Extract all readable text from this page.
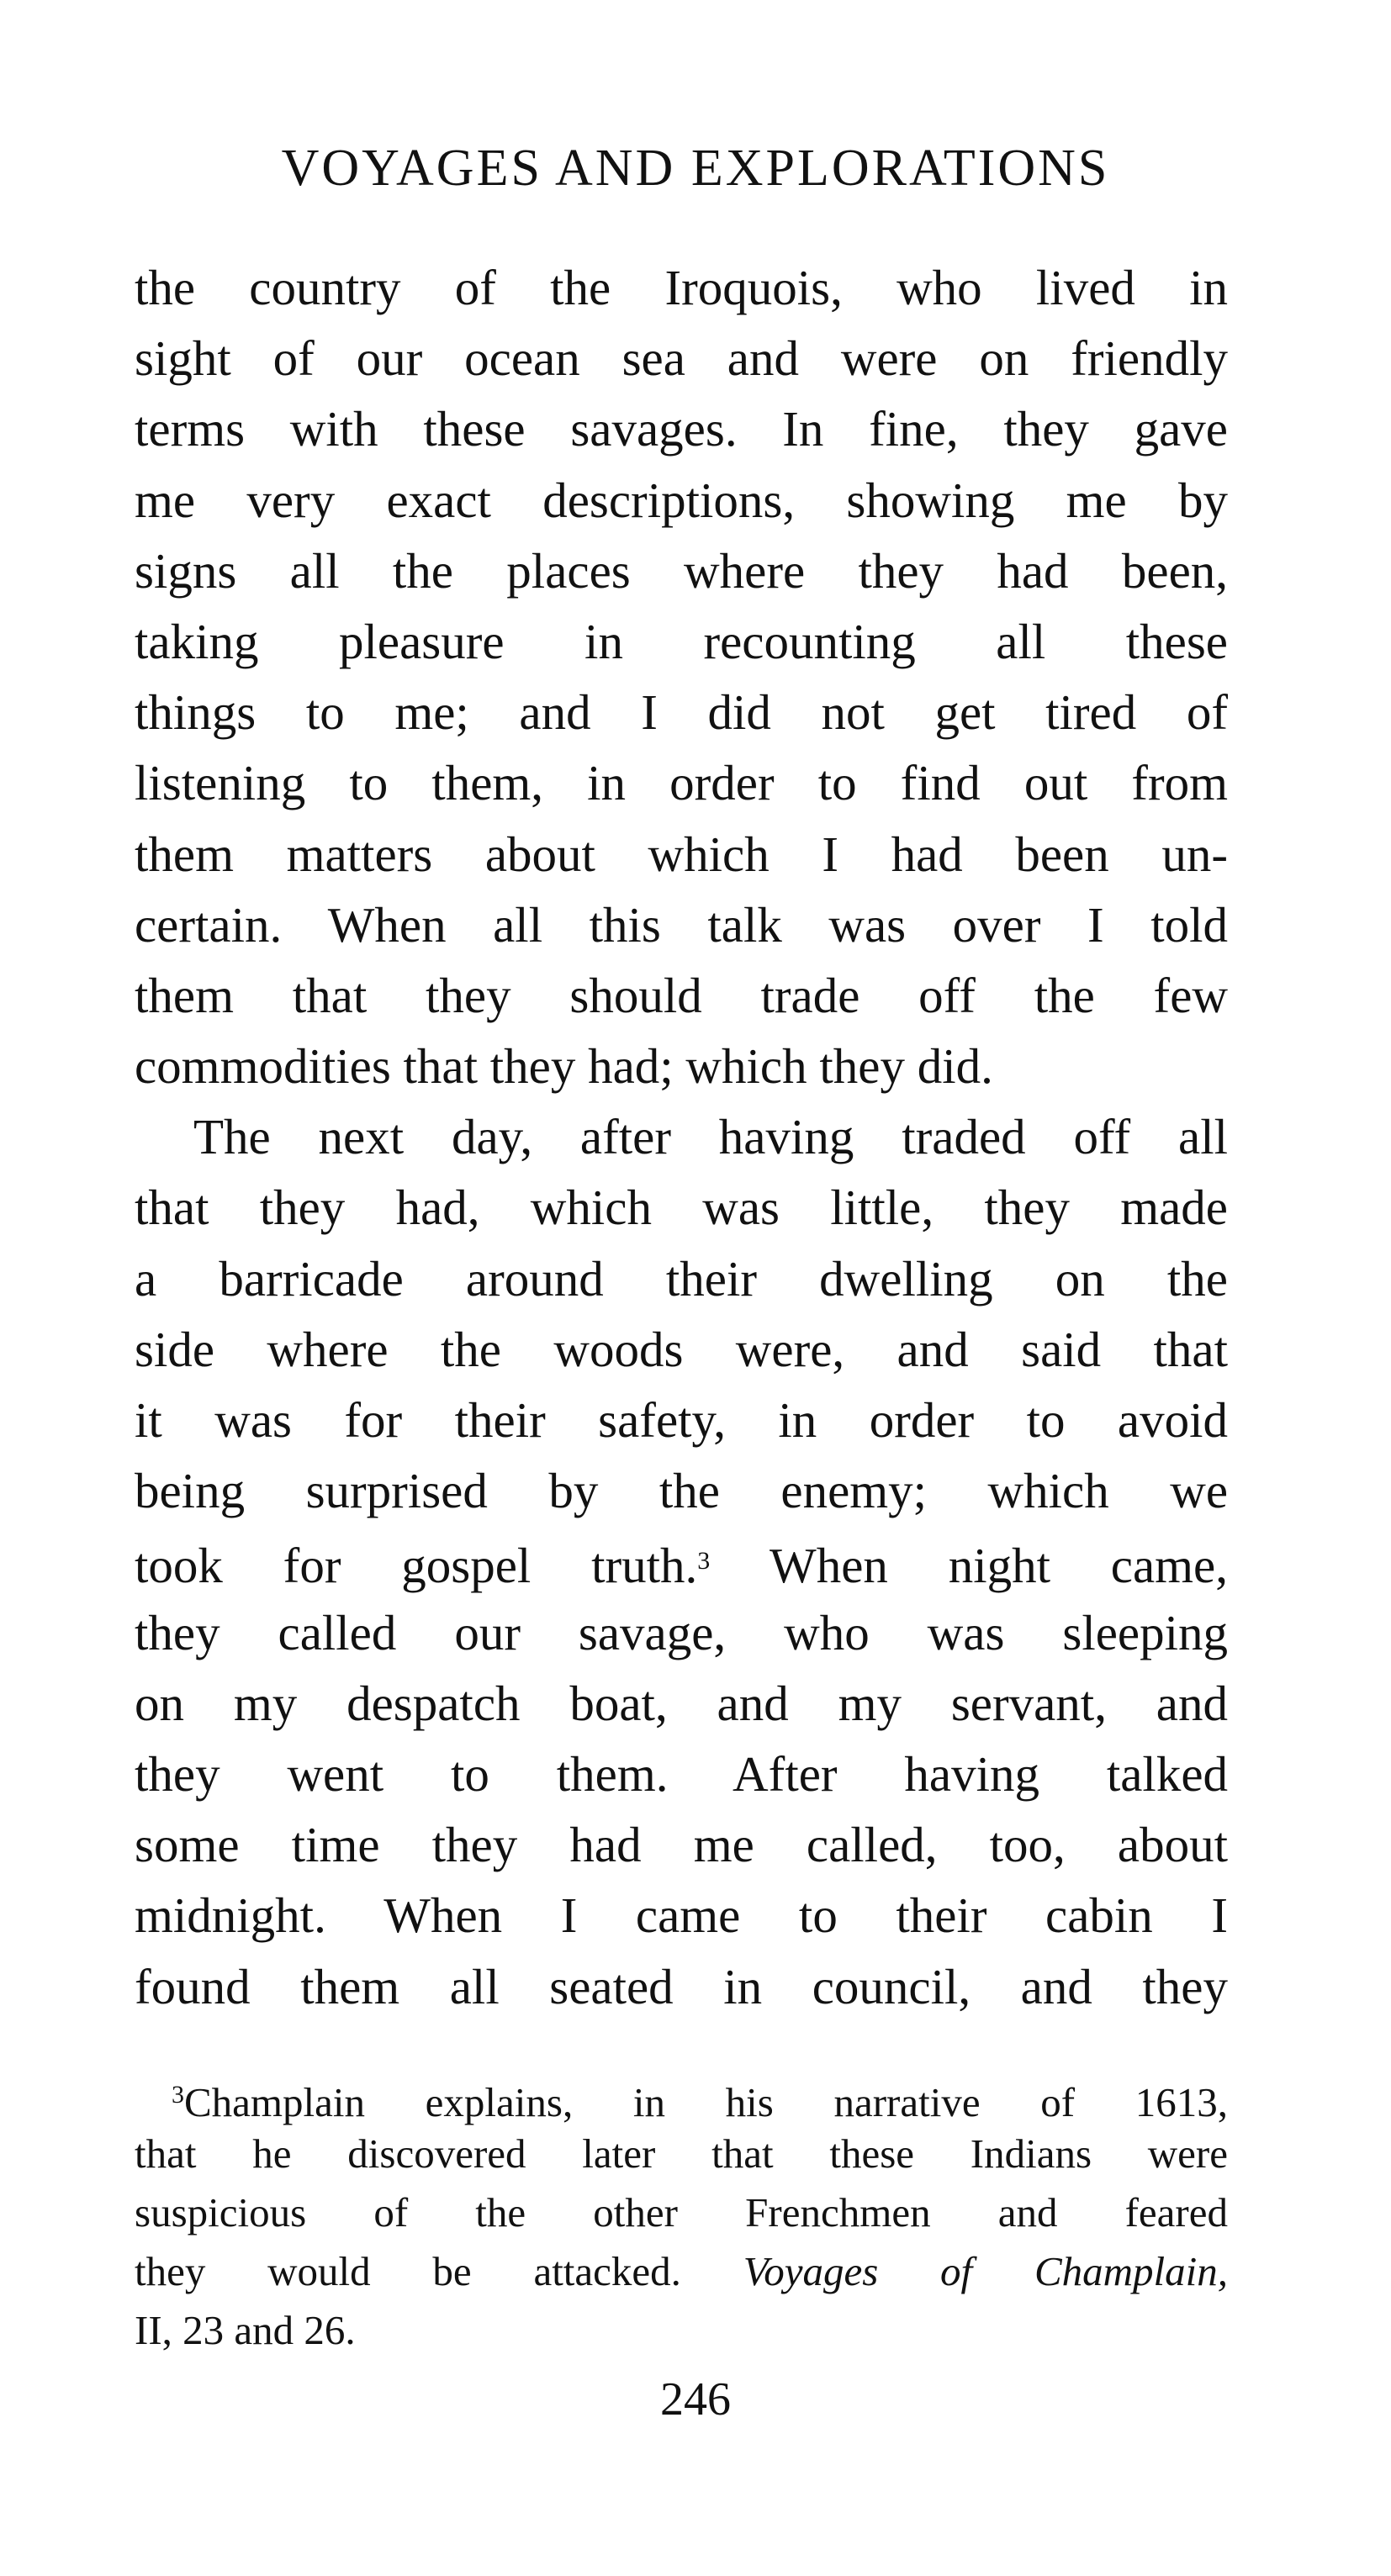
VOYAGES AND EXPLORATIONS
the country of the Iroquois, who lived in
sight of our ocean sea and were on friendly
terms with these savages. In fine, they gave
me very exact descriptions, showing me by
signs all the places where they had been,
taking pleasure in recounting all these
things to me; and I did not get tired of
listening to them, in order to find out from
them matters about which I had been un-
certain. When all this talk was over I told
them that they should trade off the few
commodities that they had; which they did.
The next day, after having traded off all
that they had, which was little, they made
a barricade around their dwelling on the
side where the woods were, and said that
it was for their safety, in order to avoid
being surprised by the enemy; which we
took for gospel truth.$^3$ When night came,
they called our savage, who was sleeping
on my despatch boat, and my servant, and
they went to them. After having talked
some time they had me called, too, about
midnight. When I came to their cabin I
found them all seated in council, and they
$^3$Champlain explains, in his narrative of 1613,
that he discovered later that these Indians were
suspicious of the other Frenchmen and feared
they would be attacked. Voyages of Champlain,
II, 23 and 26.
246
